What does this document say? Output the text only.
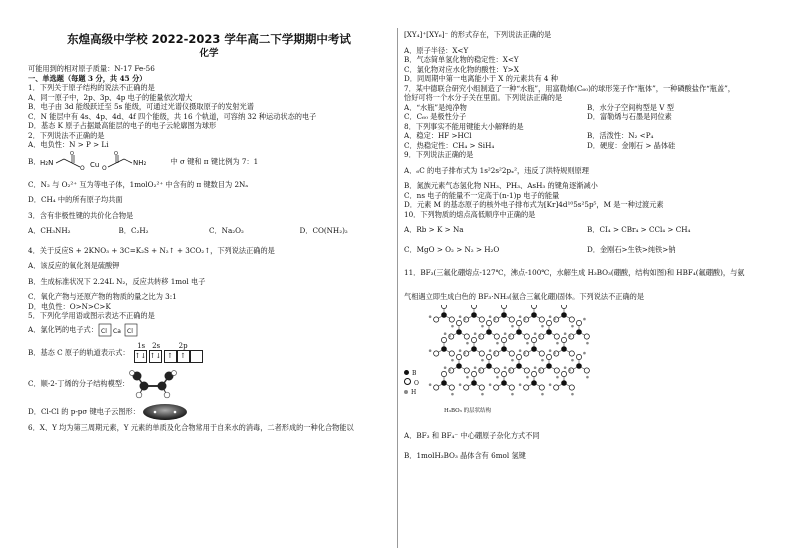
东煌高级中学校 2022-2023 学年高二下学期期中考试
化学
可能用到的相对原子质量：N-17 Fe-56
一、单选题（每题 3 分，共 45 分）
1．下列关于原子结构的说法不正确的是
A．同一原子中，2p、3p、4p 电子的能量依次增大
B．电子由 3d 能级跃迁至 5s 能级，可通过光谱仪摄取原子的发射光谱
C．N 能层中有 4s、4p、4d、4f 四个能级，共 16 个轨道，可容纳 32 种运动状态的电子
D．基态 K 原子占据最高能层的电子的电子云轮廓图为球形
2．下列说法不正确的是
A．电负性：N > P > Li
B． H₂N
O
O Cu O
O
NH₂	中 σ 键和 π 键比例为 7：1
C．N₂ 与 O₂²⁺ 互为等电子体，1molO₂²⁺ 中含有的 π 键数目为 2Nₐ
D．CH₄ 中的所有原子均共面
3．含有非极性键的共价化合物是
A．CH₃NH₂	B．C₂H₂	C．Na₂O₂	D．CO(NH₂)₂
4．关于反应S + 2KNO₃ + 3C=K₂S + N₂↑ + 3CO₂↑，下列说法正确的是
A．该反应的氧化剂是硫酸钾
B．生成标准状况下 2.24L N₂，反应共转移 1mol 电子
C．氧化产物与还原产物的物质的量之比为 3:1
D．电负性：O>N>C>K
5．下列化学用语或图示表达不正确的是
A．氯化钙的电子式： Cl Ca Cl
B．基态 C 原子的轨道表示式：
1s 2s	2p
↑↓ ↑↓ ↑	↑
C．顺-2-丁烯的分子结构模型：
D．Cl-Cl 的 p-pσ 键电子云图形：
6．X、Y 均为第三周期元素，Y 元素的单质及化合物常用于自来水的消毒，二者形成的一种化合物能以
[XY₄]⁺[XY₆]⁻ 的形式存在，下列说法正确的是
A．原子半径：X<Y
B．气态简单氢化物的稳定性：X<Y
C．氯化物对应水化物的酸性：Y>X
D．同周期中第一电离能小于 X 的元素共有 4 种
7．某中德联合研究小组制造了一种“水瓶”，用富勒烯(C₆₀)的球形笼子作“瓶体”，一种磷酸盐作“瓶盖”，
恰好可将一个水分子关在里面。下列说法正确的是
A．“水瓶”是纯净物	B．水分子空间构型是 V 型
C．C₆₀ 是极性分子	D．富勒烯与石墨是同位素
8．下列事实不能用键能大小解释的是
A．稳定：HF >HCl	B．活泼性：N₂ <P₄
C．热稳定性：CH₄ > SiH₄	D．硬度：金刚石 > 晶体硅
9．下列说法正确的是
A．₆C 的电子排布式为 1s²2s²2pₓ²，违反了洪特规则原理
B．氮族元素气态氢化物 NH₃、PH₃、AsH₃ 的键角逐渐减小
C．ns 电子的能量不一定高于(n-1)p 电子的能量
D．元素 M 的基态原子的核外电子排布式为[Kr]4d¹⁰5s²5p⁵，M 是一种过渡元素
10．下列物质的熔点高低顺序中正确的是
A．Rb > K > Na	B．CI₄ > CBr₄ > CCl₄ > CH₄
C．MgO > O₂ > N₂ > H₂O	D．金刚石>生铁>纯铁>钠
11．BF₃(三氟化硼熔点-127℃，沸点-100℃，水解生成 H₃BO₃(硼酸，结构如图)和 HBF₄(氟硼酸)，与氨
气相遇立即生成白色的 BF₃·NH₃(氨合三氟化硼)固体。下列说法不正确的是
B
O
H
H₃BO₃ 的层状结构
A．BF₃ 和 BF₄⁻ 中心硼原子杂化方式不同
B．1molH₃BO₃ 晶体含有 6mol 氢键
